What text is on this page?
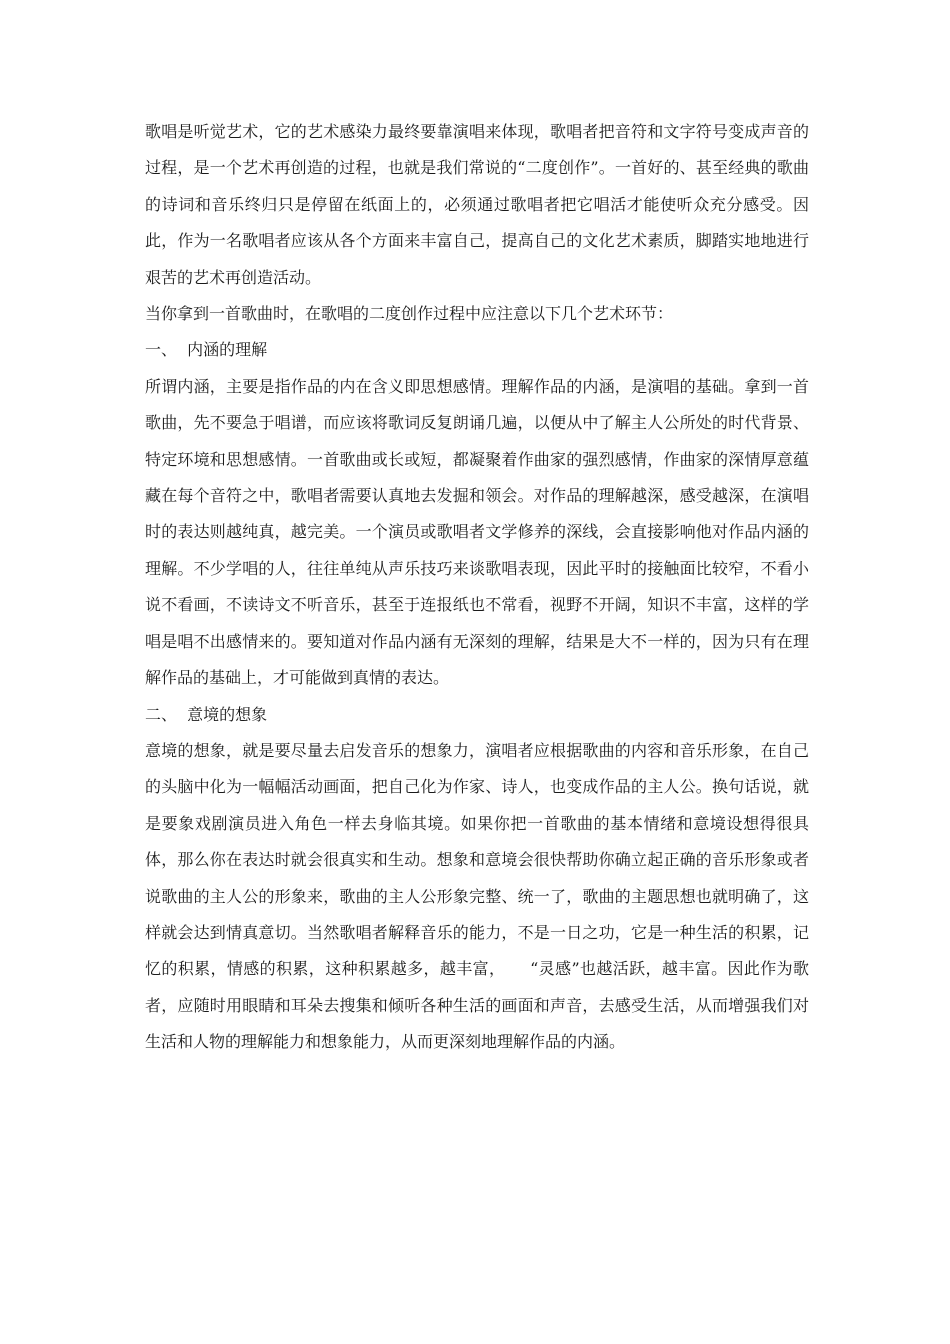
歌唱是听觉艺术，它的艺术感染力最终要靠演唱来体现，歌唱者把音符和文字符号变成声音的过程，是一个艺术再创造的过程，也就是我们常说的“二度创作”。一首好的、甚至经典的歌曲的诗词和音乐终归只是停留在纸面上的，必须通过歌唱者把它唱活才能使听众充分感受。因此，作为一名歌唱者应该从各个方面来丰富自己，提高自己的文化艺术素质，脚踏实地地进行艰苦的艺术再创造活动。

当你拿到一首歌曲时，在歌唱的二度创作过程中应注意以下几个艺术环节：

一、  内涵的理解

所谓内涵，主要是指作品的内在含义即思想感情。理解作品的内涵，是演唱的基础。拿到一首歌曲，先不要急于唱谱，而应该将歌词反复朗诵几遍，以便从中了解主人公所处的时代背景、特定环境和思想感情。一首歌曲或长或短，都凝聚着作曲家的强烈感情，作曲家的深情厚意蕴藏在每个音符之中，歌唱者需要认真地去发掘和领会。对作品的理解越深，感受越深，在演唱时的表达则越纯真，越完美。一个演员或歌唱者文学修养的深线，会直接影响他对作品内涵的理解。不少学唱的人，往往单纯从声乐技巧来谈歌唱表现，因此平时的接触面比较窄，不看小说不看画，不读诗文不听音乐，甚至于连报纸也不常看，视野不开阔，知识不丰富，这样的学唱是唱不出感情来的。要知道对作品内涵有无深刻的理解，结果是大不一样的，因为只有在理解作品的基础上，才可能做到真情的表达。

二、  意境的想象

意境的想象，就是要尽量去启发音乐的想象力，演唱者应根据歌曲的内容和音乐形象，在自己的头脑中化为一幅幅活动画面，把自己化为作家、诗人，也变成作品的主人公。换句话说，就是要象戏剧演员进入角色一样去身临其境。如果你把一首歌曲的基本情绪和意境设想得很具体，那么你在表达时就会很真实和生动。想象和意境会很快帮助你确立起正确的音乐形象或者说歌曲的主人公的形象来，歌曲的主人公形象完整、统一了，歌曲的主题思想也就明确了，这样就会达到情真意切。当然歌唱者解释音乐的能力，不是一日之功，它是一种生活的积累，记忆的积累，情感的积累，这种积累越多，越丰富，　　“灵感”也越活跃，越丰富。因此作为歌者，应随时用眼睛和耳朵去搜集和倾听各种生活的画面和声音，去感受生活，从而增强我们对生活和人物的理解能力和想象能力，从而更深刻地理解作品的内涵。
